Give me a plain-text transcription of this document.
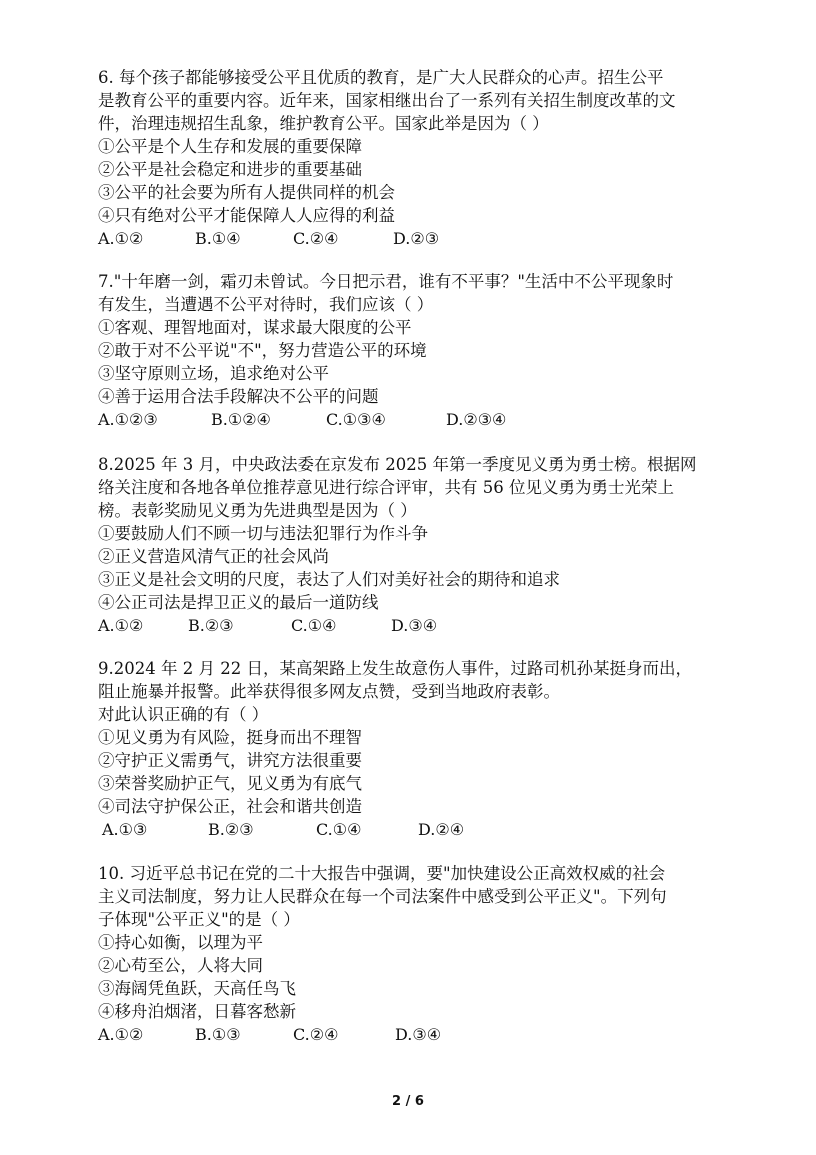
6. 每个孩子都能够接受公平且优质的教育，是广大人民群众的心声。招生公平
是教育公平的重要内容。近年来，国家相继出台了一系列有关招生制度改革的文
件，治理违规招生乱象，维护教育公平。国家此举是因为（ ）
①公平是个人生存和发展的重要保障
②公平是社会稳定和进步的重要基础
③公平的社会要为所有人提供同样的机会
④只有绝对公平才能保障人人应得的利益
A.①②	B.①④	C.②④	D.②③
7."十年磨一剑，霜刃未曾试。今日把示君，谁有不平事？"生活中不公平现象时
有发生，当遭遇不公平对待时，我们应该（ ）
①客观、理智地面对，谋求最大限度的公平
②敢于对不公平说"不"，努力营造公平的环境
③坚守原则立场，追求绝对公平
④善于运用合法手段解决不公平的问题
A.①②③	B.①②④	C.①③④	D.②③④
8.2025 年 3 月，中央政法委在京发布 2025 年第一季度见义勇为勇士榜。根据网
络关注度和各地各单位推荐意见进行综合评审，共有 56 位见义勇为勇士光荣上
榜。表彰奖励见义勇为先进典型是因为（ ）
①要鼓励人们不顾一切与违法犯罪行为作斗争
②正义营造风清气正的社会风尚
③正义是社会文明的尺度，表达了人们对美好社会的期待和追求
④公正司法是捍卫正义的最后一道防线
A.①②	B.②③	C.①④	D.③④
9.2024 年 2 月 22 日，某高架路上发生故意伤人事件，过路司机孙某挺身而出，
阻止施暴并报警。此举获得很多网友点赞，受到当地政府表彰。
对此认识正确的有（ ）
①见义勇为有风险，挺身而出不理智
②守护正义需勇气，讲究方法很重要
③荣誉奖励护正气，见义勇为有底气
④司法守护保公正，社会和谐共创造
A.①③	B.②③	C.①④	D.②④
10. 习近平总书记在党的二十大报告中强调，要"加快建设公正高效权威的社会
主义司法制度，努力让人民群众在每一个司法案件中感受到公平正义"。下列句
子体现"公平正义"的是（ ）
①持心如衡，以理为平
②心苟至公，人将大同
③海阔凭鱼跃，天高任鸟飞
④移舟泊烟渚，日暮客愁新
A.①②	B.①③	C.②④	D.③④
2 / 6
